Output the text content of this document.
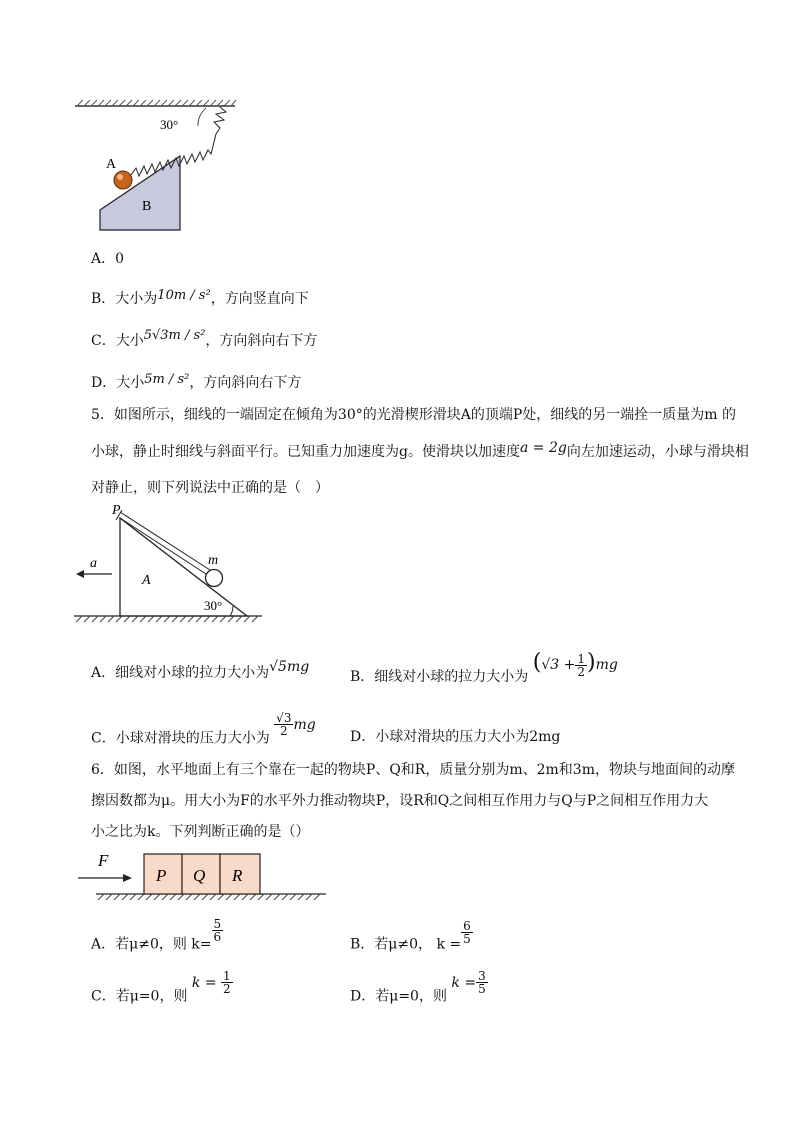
30°
A
B
A．0
B．大小为10m / s²，方向竖直向下
C．大小5√3m / s²，方向斜向右下方
D．大小5m / s²，方向斜向右下方
5．如图所示，细线的一端固定在倾角为30°的光滑楔形滑块A的顶端P处，细线的另一端拴一质量为m 的
小球，静止时细线与斜面平行。已知重力加速度为g。使滑块以加速度a = 2g向左加速运动，小球与滑块相
对静止，则下列说法中正确的是（　）
P
m
a
A
30°
A．细线对小球的拉力大小为√5mg
B．细线对小球的拉力大小为 $(√3 + \frac{1}{2} )mg$
C．小球对滑块的压力大小为
$\frac{√3}{2}$ mg
D．小球对滑块的压力大小为2mg
6．如图，水平地面上有三个靠在一起的物块P、Q和R，质量分别为m、2m和3m，物块与地面间的动摩
擦因数都为μ。用大小为F的水平外力推动物块P，设R和Q之间相互作用力与Q与P之间相互作用力大
小之比为k。下列判断正确的是（）
F
P Q R
A．若μ≠0，则 k=
$\frac{5}{6}$
B．若μ≠0， $k = \frac{6}{5}$
C．若μ=0，则 $k = \frac{1}{2}$
D．若μ=0，则 $k = \frac{3}{5}$
